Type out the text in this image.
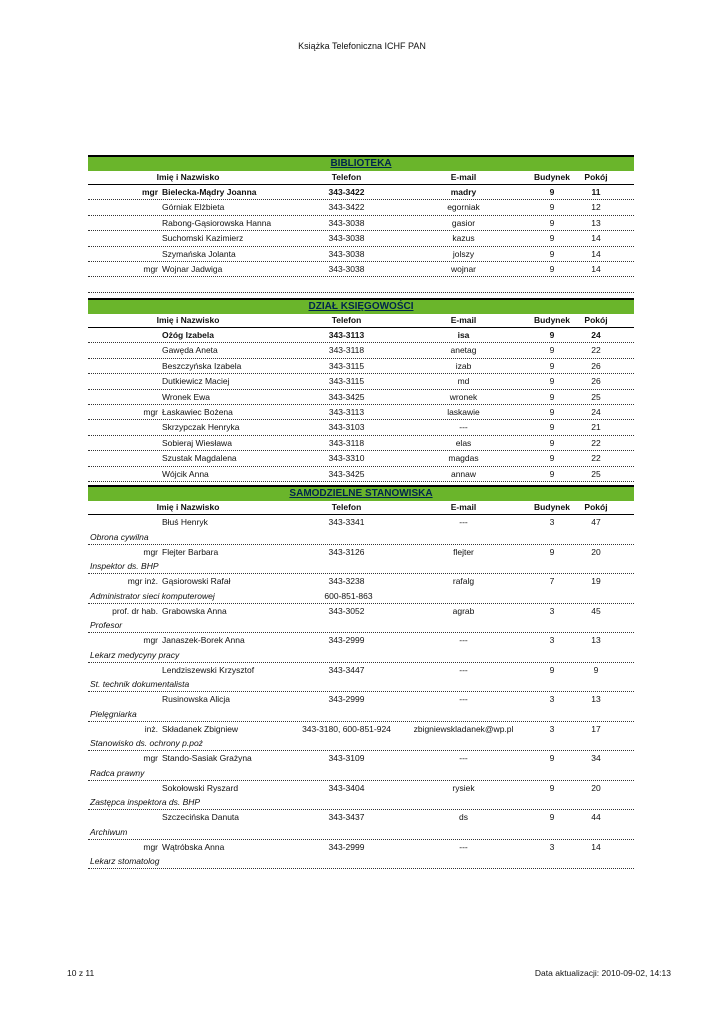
Książka Telefoniczna ICHF PAN
BIBLIOTEKA
Imię i Nazwisko	Telefon	E-mail	Budynek	Pokój
mgr Bielecka-Mądry Joanna	343-3422	madry	9	11
Górniak Elżbieta	343-3422	egorniak	9	12
Rabong-Gąsiorowska Hanna	343-3038	gasior	9	13
Suchomski Kazimierz	343-3038	kazus	9	14
Szymańska Jolanta	343-3038	jolszy	9	14
mgr Wojnar Jadwiga	343-3038	wojnar	9	14
DZIAŁ KSIĘGOWOŚCI
Imię i Nazwisko	Telefon	E-mail	Budynek	Pokój
Ożóg Izabela	343-3113	isa	9	24
Gawęda Aneta	343-3118	anetag	9	22
Beszczyńska Izabela	343-3115	izab	9	26
Dutkiewicz Maciej	343-3115	md	9	26
Wronek Ewa	343-3425	wronek	9	25
mgr Łaskawiec Bożena	343-3113	laskawie	9	24
Skrzypczak Henryka	343-3103	---	9	21
Sobieraj Wiesława	343-3118	elas	9	22
Szustak Magdalena	343-3310	magdas	9	22
Wójcik Anna	343-3425	annaw	9	25
SAMODZIELNE STANOWISKA
Imię i Nazwisko	Telefon	E-mail	Budynek	Pokój
Błuś Henryk	343-3341	---	3	47
Obrona cywilna
mgr Flejter Barbara	343-3126	flejter	9	20
Inspektor ds. BHP
mgr inż. Gąsiorowski Rafał	343-3238	rafalg	7	19
Administrator sieci komputerowej	600-851-863
prof. dr hab. Grabowska Anna	343-3052	agrab	3	45
Profesor
mgr Janaszek-Borek Anna	343-2999	---	3	13
Lekarz medycyny pracy
Lendziszewski Krzysztof	343-3447	---	9	9
St. technik dokumentalista
Rusinowska Alicja	343-2999	---	3	13
Pielęgniarka
inż. Składanek Zbigniew	343-3180, 600-851-924	zbigniewskladanek@wp.pl	3	17
Stanowisko ds. ochrony p.poż
mgr Stando-Sasiak Grażyna	343-3109	---	9	34
Radca prawny
Sokołowski Ryszard	343-3404	rysiek	9	20
Zastępca inspektora ds. BHP
Szczecińska Danuta	343-3437	ds	9	44
Archiwum
mgr Wątróbska Anna	343-2999	---	3	14
Lekarz stomatolog
10 z 11	Data aktualizacji: 2010-09-02, 14:13
